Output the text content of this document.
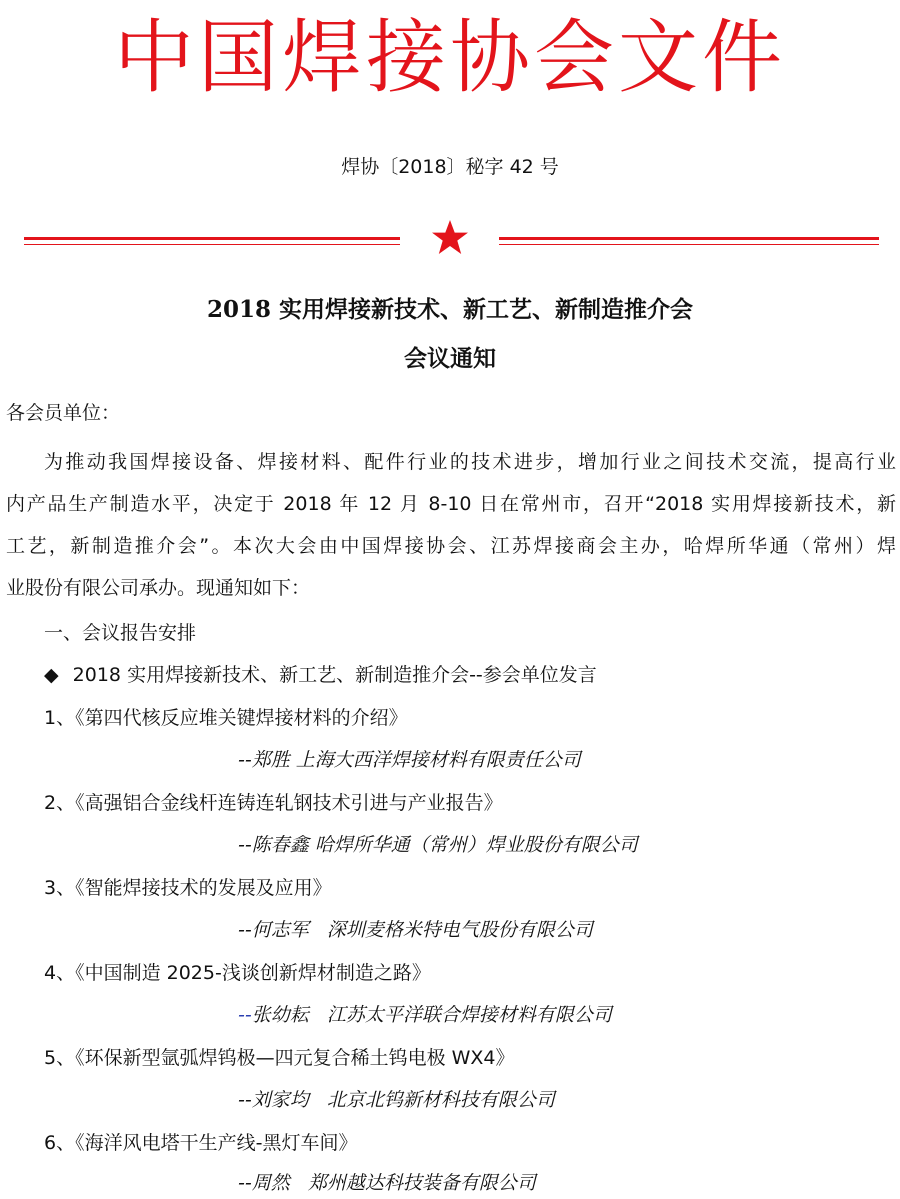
中国焊接协会文件
焊协〔2018〕秘字 42 号
2018 实用焊接新技术、新工艺、新制造推介会
会议通知
各会员单位：
为推动我国焊接设备、焊接材料、配件行业的技术进步，增加行业之间技术交流，提高行业
内产品生产制造水平，决定于 2018 年 12 月 8-10 日在常州市，召开“2018 实用焊接新技术，新
工艺，新制造推介会”。本次大会由中国焊接协会、江苏焊接商会主办，哈焊所华通（常州）焊
业股份有限公司承办。现通知如下：
一、会议报告安排
◆ 2018 实用焊接新技术、新工艺、新制造推介会--参会单位发言
1、《第四代核反应堆关键焊接材料的介绍》
--郑胜 上海大西洋焊接材料有限责任公司
2、《高强铝合金线杆连铸连轧钢技术引进与产业报告》
--陈春鑫 哈焊所华通（常州）焊业股份有限公司
3、《智能焊接技术的发展及应用》
--何志军 深圳麦格米特电气股份有限公司
4、《中国制造 2025-浅谈创新焊材制造之路》
--张幼耘 江苏太平洋联合焊接材料有限公司
5、《环保新型氩弧焊钨极—四元复合稀土钨电极 WX4》
--刘家均 北京北钨新材科技有限公司
6、《海洋风电塔干生产线-黑灯车间》
--周然 郑州越达科技装备有限公司
